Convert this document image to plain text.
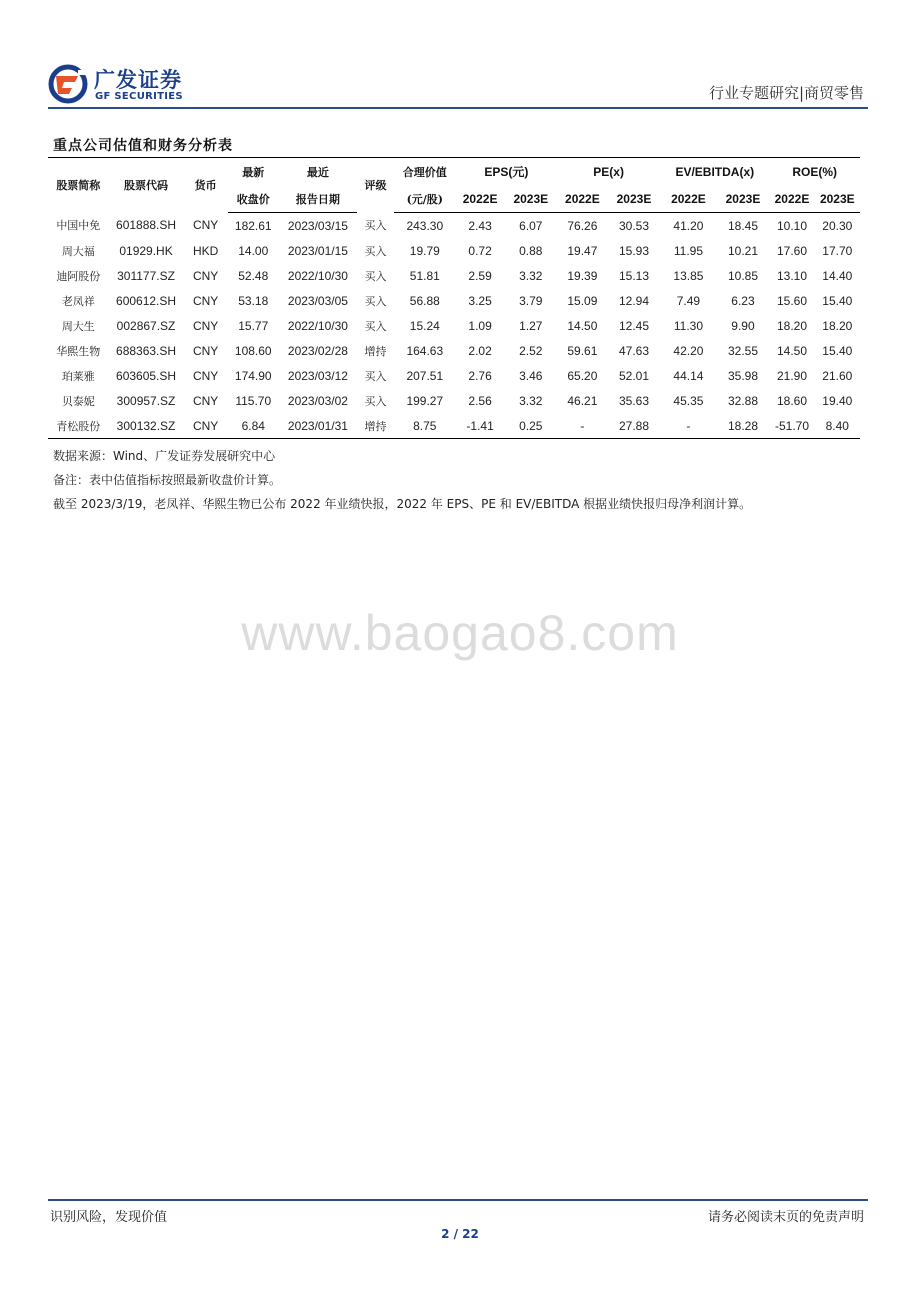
广发证券
GF SECURITIES	行业专题研究|商贸零售
重点公司估值和财务分析表
股票简称	股票代码	货币	最新	最近	评级	合理价值	EPS(元)		PE(x)		EV/EBITDA(x)		ROE(%)	
			收盘价	报告日期		(元/股)	2022E	2023E	2022E	2023E	2022E	2023E	2022E	2023E
中国中免	601888.SH	CNY	182.61	2023/03/15	买入	243.30	2.43	6.07	76.26	30.53	41.20	18.45	10.10	20.30
周大福	01929.HK	HKD	14.00	2023/01/15	买入	19.79	0.72	0.88	19.47	15.93	11.95	10.21	17.60	17.70
迪阿股份	301177.SZ	CNY	52.48	2022/10/30	买入	51.81	2.59	3.32	19.39	15.13	13.85	10.85	13.10	14.40
老凤祥	600612.SH	CNY	53.18	2023/03/05	买入	56.88	3.25	3.79	15.09	12.94	7.49	6.23	15.60	15.40
周大生	002867.SZ	CNY	15.77	2022/10/30	买入	15.24	1.09	1.27	14.50	12.45	11.30	9.90	18.20	18.20
华熙生物	688363.SH	CNY	108.60	2023/02/28	增持	164.63	2.02	2.52	59.61	47.63	42.20	32.55	14.50	15.40
珀莱雅	603605.SH	CNY	174.90	2023/03/12	买入	207.51	2.76	3.46	65.20	52.01	44.14	35.98	21.90	21.60
贝泰妮	300957.SZ	CNY	115.70	2023/03/02	买入	199.27	2.56	3.32	46.21	35.63	45.35	32.88	18.60	19.40
青松股份	300132.SZ	CNY	6.84	2023/01/31	增持	8.75	-1.41	0.25	-	27.88	-	18.28	-51.70	8.40
数据来源：Wind、广发证券发展研究中心
备注：表中估值指标按照最新收盘价计算。
截至 2023/3/19，老凤祥、华熙生物已公布 2022 年业绩快报，2022 年 EPS、PE 和 EV/EBITDA 根据业绩快报归母净利润计算。
www.baogao8.com
识别风险，发现价值	请务必阅读末页的免责声明
2 / 22
